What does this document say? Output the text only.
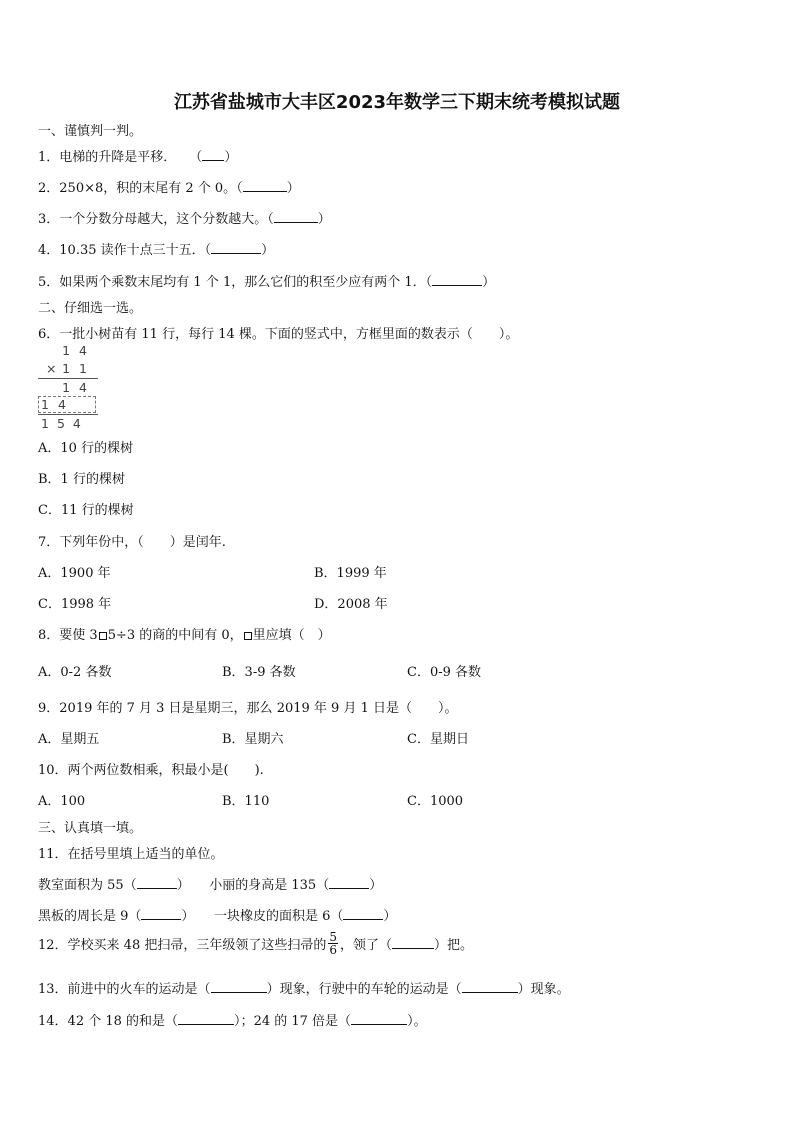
江苏省盐城市大丰区2023年数学三下期末统考模拟试题
一、谨慎判一判。
1．电梯的升降是平移．　　 （ ）
2．250×8，积的末尾有 2 个 0。（	）
3．一个分数分母越大，这个分数越大。（	）
4．10.35 读作十点三十五．（	）
5．如果两个乘数末尾均有 1 个 1，那么它们的积至少应有两个 1．（	）
二、仔细选一选。
6．一批小树苗有 11 行，每行 14 棵。下面的竖式中，方框里面的数表示（　　）。
14
× 11
14
14
154
A．10 行的棵树
B．1 行的棵树
C．11 行的棵树
7．下列年份中，（　　）是闰年.
A．1900 年	B．1999 年
C．1998 年	D．2008 年
8．要使 3 5÷3 的商的中间有 0， 里应填（　）
A．0-2 各数	B．3-9 各数	C．0-9 各数
9．2019 年的 7 月 3 日是星期三，那么 2019 年 9 月 1 日是（　　）。
A．星期五	B．星期六	C．星期日
10．两个两位数相乘，积最小是(　　).
A．100	B．110	C．1000
三、认真填一填。
11．在括号里填上适当的单位。
教室面积为 55（	）　　 小丽的身高是 135（	）
黑板的周长是 9（	）　　 一块橡皮的面积是 6（	）
12．学校买来 48 把扫帚，三年级领了这些扫帚的 $\frac{5}{6}$ ，领了（	）把。
13．前进中的火车的运动是（	）现象，行驶中的车轮的运动是（	）现象。
14．42 个 18 的和是（	）；24 的 17 倍是（	）。
